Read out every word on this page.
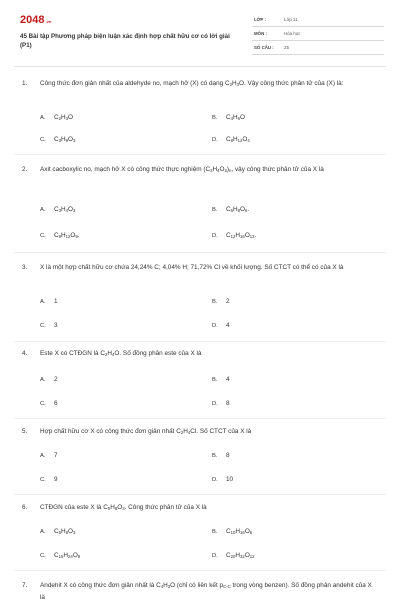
2048.vn
45 Bài tập Phương pháp biện luận xác định hợp chất hữu cơ có lời giải (P1)
LỚP :	Lớp 11
MÔN :	Hóa học
SỐ CÂU : 25
1. Công thức đơn giản nhất của aldehyde no, mạch hở (X) có dạng $C_2H_3O$. Vậy công thức phân tử của (X) là:
A. $C_2H_3O$	B. $C_4H_6O$
C. $C_3H_9O_3$	D. $C_8H_{12}O_4$
2. Axit cacboxylic no, mạch hở X có công thức thực nghiệm $(C_3H_4O_3)_n$, vậy công thức phân tử của X là
A. $C_3H_4O_3$	B. $C_6H_8O_6$.
C. $C_9H_{12}O_9$.	D. $C_{12}H_{16}O_{12}$.
3. X là một hợp chất hữu cơ chứa 24,24% C; 4,04% H; 71,72% Cl về khối lượng. Số CTCT có thể có của X là
A. 1	B. 2
C. 3	D. 4
4. Este X có CTĐGN là $C_2H_4O$. Số đồng phân este của X là
A. 2	B. 4
C. 6	D. 8
5. Hợp chất hữu cơ X có công thức đơn giản nhất $C_2H_4Cl$. Số CTCT của X là
A. 7	B. 8
C. 9	D. 10
6. CTĐGN của este X là $C_5H_8O_3$. Công thức phân tử của X là
A. $C_5H_8O_3$	B. $C_{10}H_{16}O_6$
C. $C_{15}H_{24}O_9$	D. $C_{20}H_{32}O_{12}$
7. Andehit X có công thức đơn giản nhất là $C_4H_3O$ (chỉ có liên kết $p_{C-C}$ trong vòng benzen). Số đồng phân andehit của X là
